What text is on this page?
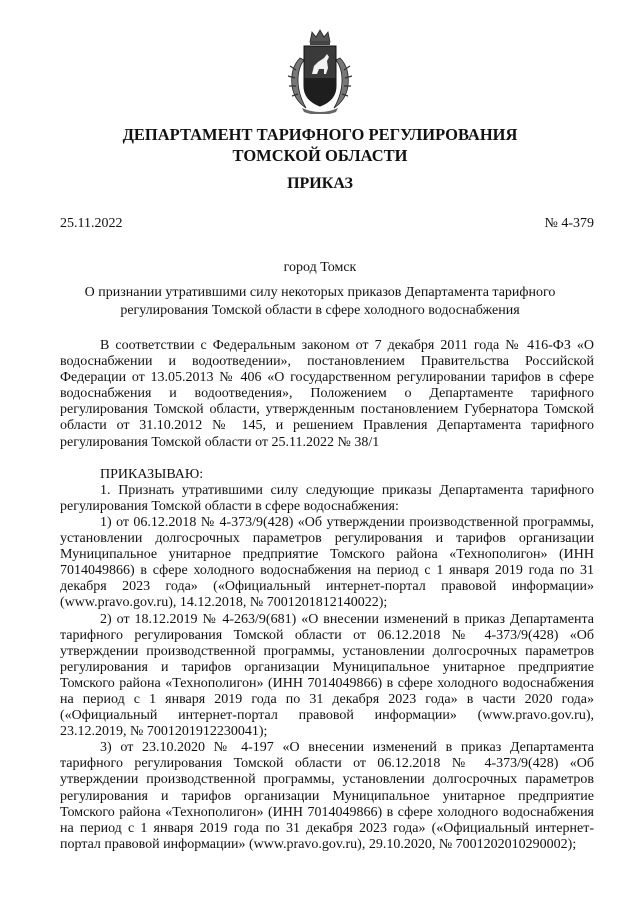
ДЕПАРТАМЕНТ ТАРИФНОГО РЕГУЛИРОВАНИЯ
ТОМСКОЙ ОБЛАСТИ
ПРИКАЗ
25.11.2022	№ 4-379
город Томск
О признании утратившими силу некоторых приказов Департамента тарифного регулирования Томской области в сфере холодного водоснабжения

В соответствии с Федеральным законом от 7 декабря 2011 года № 416-ФЗ «О водоснабжении и водоотведении», постановлением Правительства Российской Федерации от 13.05.2013 № 406 «О государственном регулировании тарифов в сфере водоснабжения и водоотведения», Положением о Департаменте тарифного регулирования Томской области, утвержденным постановлением Губернатора Томской области от 31.10.2012 № 145, и решением Правления Департамента тарифного регулирования Томской области от 25.11.2022 № 38/1

ПРИКАЗЫВАЮ:

1. Признать утратившими силу следующие приказы Департамента тарифного регулирования Томской области в сфере водоснабжения:

1) от 06.12.2018 № 4-373/9(428) «Об утверждении производственной программы, установлении долгосрочных параметров регулирования и тарифов организации Муниципальное унитарное предприятие Томского района «Технополигон» (ИНН 7014049866) в сфере холодного водоснабжения на период с 1 января 2019 года по 31 декабря 2023 года» («Официальный интернет-портал правовой информации» (www.pravo.gov.ru), 14.12.2018, № 7001201812140022);

2) от 18.12.2019 № 4-263/9(681) «О внесении изменений в приказ Департамента тарифного регулирования Томской области от 06.12.2018 № 4-373/9(428) «Об утверждении производственной программы, установлении долгосрочных параметров регулирования и тарифов организации Муниципальное унитарное предприятие Томского района «Технополигон» (ИНН 7014049866) в сфере холодного водоснабжения на период с 1 января 2019 года по 31 декабря 2023 года» в части 2020 года» («Официальный интернет-портал правовой информации» (www.pravo.gov.ru), 23.12.2019, № 7001201912230041);

3) от 23.10.2020 № 4-197 «О внесении изменений в приказ Департамента тарифного регулирования Томской области от 06.12.2018 № 4-373/9(428) «Об утверждении производственной программы, установлении долгосрочных параметров регулирования и тарифов организации Муниципальное унитарное предприятие Томского района «Технополигон» (ИНН 7014049866) в сфере холодного водоснабжения на период с 1 января 2019 года по 31 декабря 2023 года» («Официальный интернет-портал правовой информации» (www.pravo.gov.ru), 29.10.2020, № 7001202010290002);
